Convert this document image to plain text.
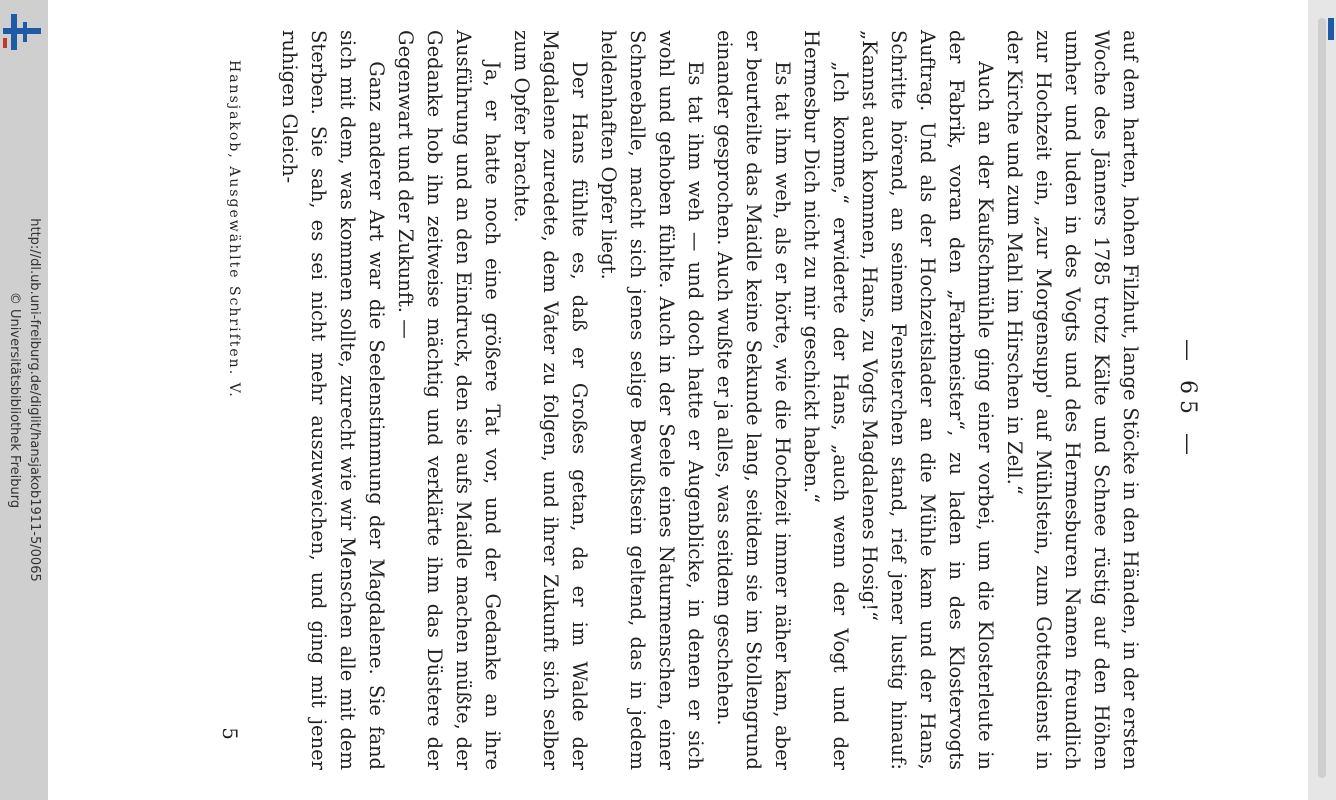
http://dl.ub.uni-freiburg.de/diglit/hansjakob1911-5/0065
© Universitätsbibliothek Freiburg	— 65 —

auf dem harten, hohen Filzhut, lange Stöcke in den Händen, in der ersten Woche des Jänners 1785 trotz Kälte und Schnee rüstig auf den Höhen umher und luden in des Vogts und des Hermesburen Namen freundlich zur Hochzeit ein, „zur Morgensupp' auf Mühlstein, zum Gottesdienst in der Kirche und zum Mahl im Hirschen in Zell.“

Auch an der Kaufschmühle ging einer vorbei, um die Klosterleute in der Fabrik, voran den „Farbmeister“, zu laden in des Klostervogts Auftrag. Und als der Hochzeitslader an die Mühle kam und der Hans, Schritte hörend, an seinem Fensterchen stand, rief jener lustig hinauf: „Kannst auch kommen, Hans, zu Vogts Magdalenes Hosig!“

„Ich komme,“ erwiderte der Hans, „auch wenn der Vogt und der Hermesbur Dich nicht zu mir geschickt haben.“

Es tat ihm weh, als er hörte, wie die Hochzeit immer näher kam, aber er beurteilte das Maidle keine Sekunde lang, seitdem sie im Stollengrund einander gesprochen. Auch wußte er ja alles, was seitdem geschehen.

Es tat ihm weh — und doch hatte er Augenblicke, in denen er sich wohl und gehoben fühlte. Auch in der Seele eines Naturmenschen, einer Schneeballe, macht sich jenes selige Bewußtsein geltend, das in jedem heldenhaften Opfer liegt.

Der Hans fühlte es, daß er Großes getan, da er im Walde der Magdalene zuredete, dem Vater zu folgen, und ihrer Zukunft sich selber zum Opfer brachte.

Ja, er hatte noch eine größere Tat vor, und der Gedanke an ihre Ausführung und an den Eindruck, den sie aufs Maidle machen müßte, der Gedanke hob ihn zeitweise mächtig und verklärte ihm das Düstere der Gegenwart und der Zukunft. —

Ganz anderer Art war die Seelenstimmung der Magdalene. Sie fand sich mit dem, was kommen sollte, zurecht wie wir Menschen alle mit dem Sterben. Sie sah, es sei nicht mehr auszuweichen, und ging mit jener ruhigen Gleich-

Hansjakob, Ausgewählte Schriften. V.
5
